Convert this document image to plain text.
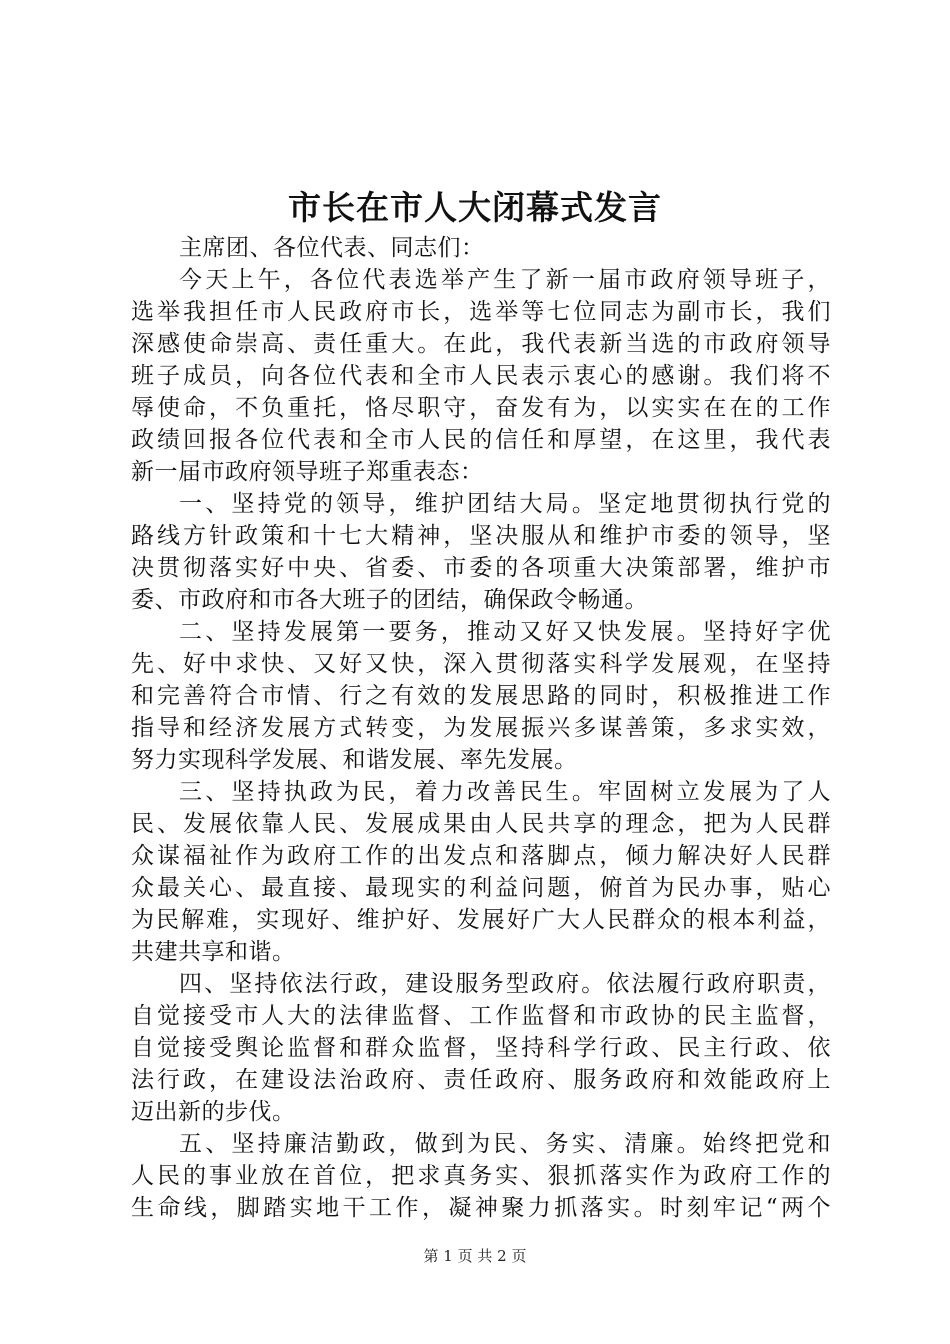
市长在市人大闭幕式发言
主席团、各位代表、同志们：
今天上午，各位代表选举产生了新一届市政府领导班子，
选举我担任市人民政府市长，选举等七位同志为副市长，我们
深感使命崇高、责任重大。在此，我代表新当选的市政府领导
班子成员，向各位代表和全市人民表示衷心的感谢。我们将不
辱使命，不负重托，恪尽职守，奋发有为，以实实在在的工作
政绩回报各位代表和全市人民的信任和厚望，在这里，我代表
新一届市政府领导班子郑重表态：
一、坚持党的领导，维护团结大局。坚定地贯彻执行党的
路线方针政策和十七大精神，坚决服从和维护市委的领导，坚
决贯彻落实好中央、省委、市委的各项重大决策部署，维护市
委、市政府和市各大班子的团结，确保政令畅通。
二、坚持发展第一要务，推动又好又快发展。坚持好字优
先、好中求快、又好又快，深入贯彻落实科学发展观，在坚持
和完善符合市情、行之有效的发展思路的同时，积极推进工作
指导和经济发展方式转变，为发展振兴多谋善策，多求实效，
努力实现科学发展、和谐发展、率先发展。
三、坚持执政为民，着力改善民生。牢固树立发展为了人
民、发展依靠人民、发展成果由人民共享的理念，把为人民群
众谋福祉作为政府工作的出发点和落脚点，倾力解决好人民群
众最关心、最直接、最现实的利益问题，俯首为民办事，贴心
为民解难，实现好、维护好、发展好广大人民群众的根本利益，
共建共享和谐。
四、坚持依法行政，建设服务型政府。依法履行政府职责，
自觉接受市人大的法律监督、工作监督和市政协的民主监督，
自觉接受舆论监督和群众监督，坚持科学行政、民主行政、依
法行政，在建设法治政府、责任政府、服务政府和效能政府上
迈出新的步伐。
五、坚持廉洁勤政，做到为民、务实、清廉。始终把党和
人民的事业放在首位，把求真务实、狠抓落实作为政府工作的
生命线，脚踏实地干工作，凝神聚力抓落实。时刻牢记“两个
第 1 页 共 2 页
